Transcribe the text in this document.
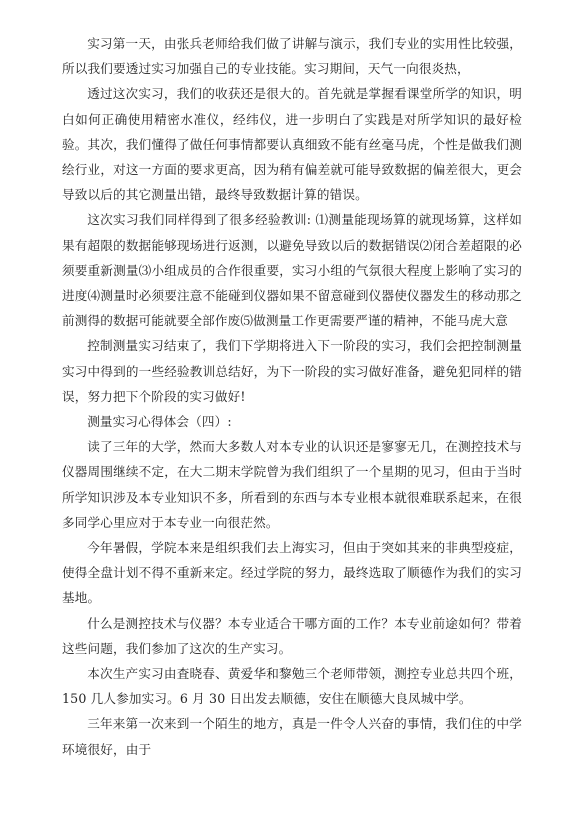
实习第一天，由张兵老师给我们做了讲解与演示，我们专业的实用性比较强，所以我们要透过实习加强自己的专业技能。实习期间，天气一向很炎热，

透过这次实习，我们的收获还是很大的。首先就是掌握看课堂所学的知识，明白如何正确使用精密水准仪，经纬仪，进一步明白了实践是对所学知识的最好检验。其次，我们懂得了做任何事情都要认真细致不能有丝毫马虎，个性是做我们测绘行业，对这一方面的要求更高，因为稍有偏差就可能导致数据的偏差很大，更会导致以后的其它测量出错，最终导致数据计算的错误。

这次实习我们同样得到了很多经验教训: ⑴测量能现场算的就现场算，这样如果有超限的数据能够现场进行返测，以避免导致以后的数据错误⑵闭合差超限的必须要重新测量⑶小组成员的合作很重要，实习小组的气氛很大程度上影响了实习的进度⑷测量时必须要注意不能碰到仪器如果不留意碰到仪器使仪器发生的移动那之前测得的数据可能就要全部作废⑸做测量工作更需要严谨的精神，不能马虎大意

控制测量实习结束了，我们下学期将进入下一阶段的实习，我们会把控制测量实习中得到的一些经验教训总结好，为下一阶段的实习做好准备，避免犯同样的错误，努力把下个阶段的实习做好!

测量实习心得体会（四）:

读了三年的大学，然而大多数人对本专业的认识还是寥寥无几，在测控技术与仪器周围继续不定，在大二期末学院曾为我们组织了一个星期的见习，但由于当时所学知识涉及本专业知识不多，所看到的东西与本专业根本就很难联系起来，在很多同学心里应对于本专业一向很茫然。

今年暑假，学院本来是组织我们去上海实习，但由于突如其来的非典型疫症，使得全盘计划不得不重新来定。经过学院的努力，最终选取了顺德作为我们的实习基地。

什么是测控技术与仪器？本专业适合干哪方面的工作？本专业前途如何？带着这些问题，我们参加了这次的生产实习。

本次生产实习由査晓春、黄爱华和黎勉三个老师带领，测控专业总共四个班，150 几人参加实习。6 月 30 日出发去顺德，安住在顺德大良凤城中学。

三年来第一次来到一个陌生的地方，真是一件令人兴奋的事情，我们住的中学环境很好，由于
